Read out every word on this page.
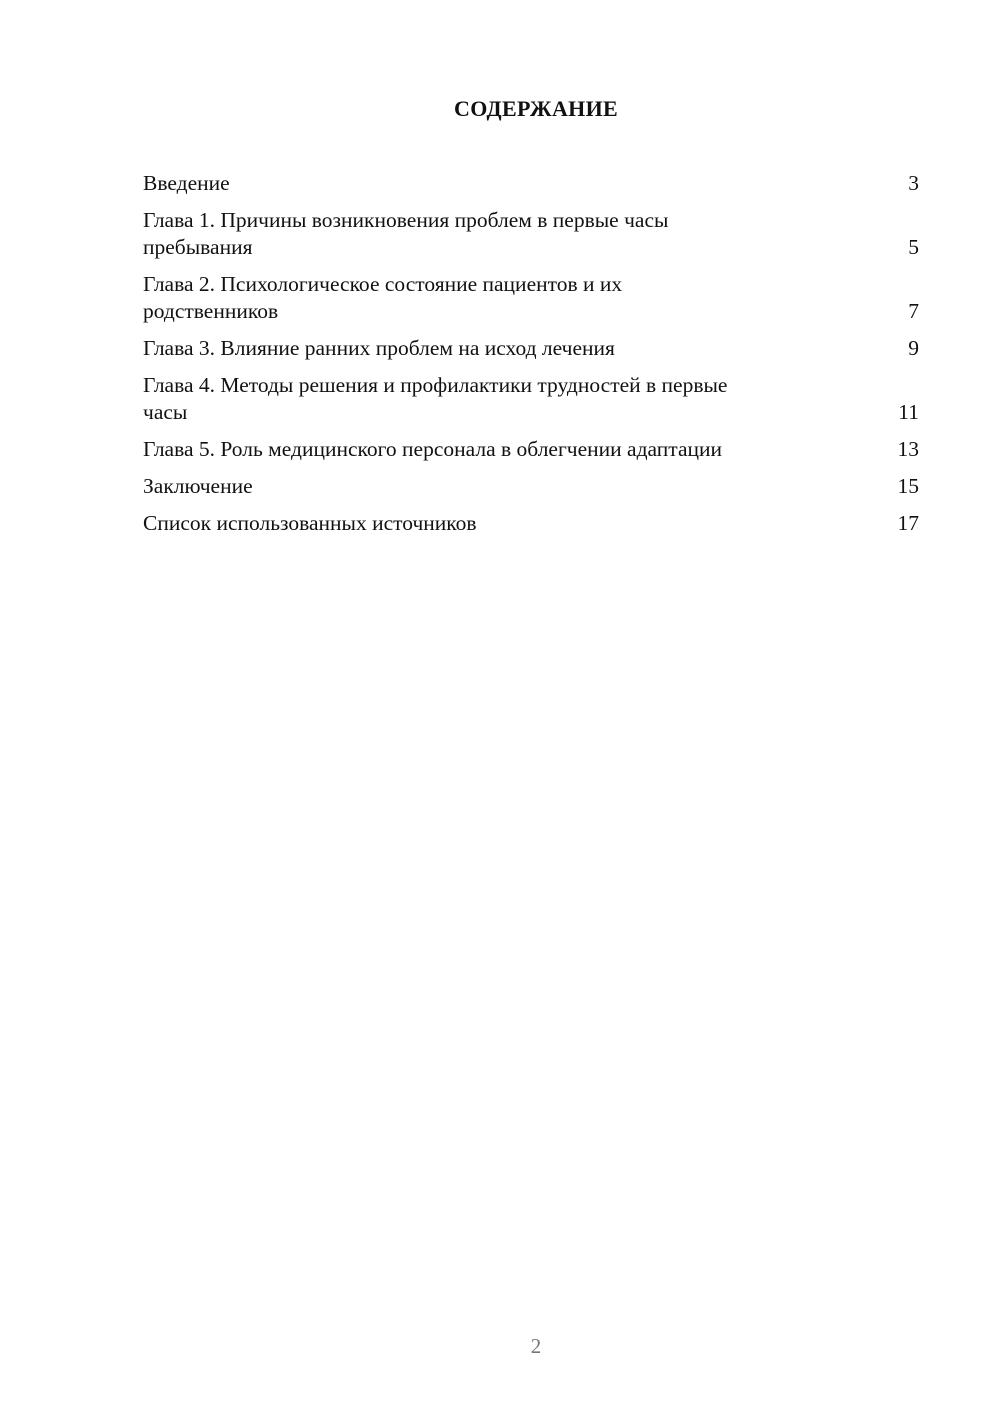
СОДЕРЖАНИЕ
Введение	3
Глава 1. Причины возникновения проблем в первые часы
пребывания	5
Глава 2. Психологическое состояние пациентов и их
родственников	7
Глава 3. Влияние ранних проблем на исход лечения	9
Глава 4. Методы решения и профилактики трудностей в первые
часы	11
Глава 5. Роль медицинского персонала в облегчении адаптации	13
Заключение	15
Список использованных источников	17
2
